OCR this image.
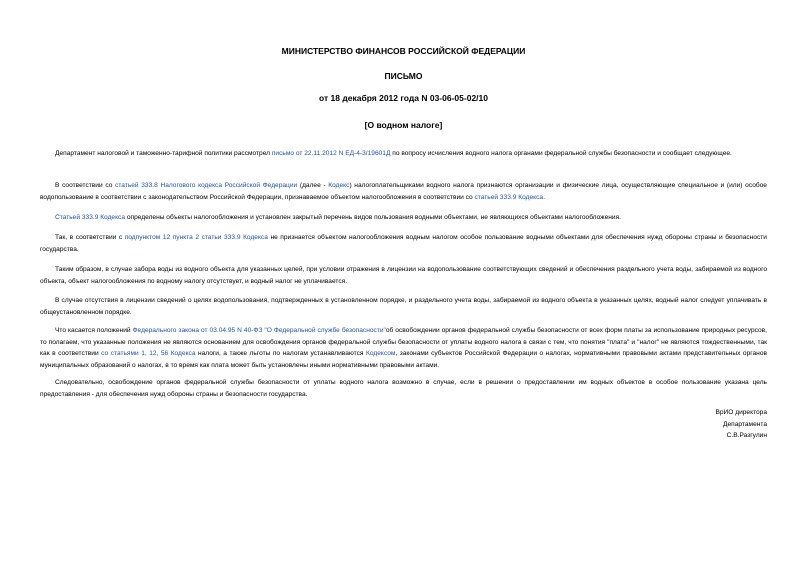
МИНИСТЕРСТВО ФИНАНСОВ РОССИЙСКОЙ ФЕДЕРАЦИИ
ПИСЬМО
от 18 декабря 2012 года N 03-06-05-02/10
[О водном налоге]
Департамент налоговой и таможенно-тарифной политики рассмотрел письмо от 22.11.2012 N ЕД-4-3/19601Д по вопросу исчисления водного налога органами федеральной службы безопасности и сообщает следующее.
В соответствии со статьей 333.8 Налогового кодекса Российской Федерации (далее - Кодекс) налогоплательщиками водного налога признаются организации и физические лица, осуществляющие специальное и (или) особое водопользование в соответствии с законодательством Российской Федерации, признаваемое объектом налогообложения в соответствии со статьей 333.9 Кодекса.
Статьей 333.9 Кодекса определены объекты налогообложения и установлен закрытый перечень видов пользования водными объектами, не являющихся объектами налогообложения.
Так, в соответствии с подпунктом 12 пункта 2 статьи 333.9 Кодекса не признается объектом налогообложения водным налогом особое пользование водными объектами для обеспечения нужд обороны страны и безопасности государства.
Таким образом, в случае забора воды из водного объекта для указанных целей, при условии отражения в лицензии на водопользование соответствующих сведений и обеспечения раздельного учета воды, забираемой из водного объекта, объект налогообложения по водному налогу отсутствует, и водный налог не уплачивается.
В случае отсутствия в лицензии сведений о целях водопользования, подтвержденных в установленном порядке, и раздельного учета воды, забираемой из водного объекта в указанных целях, водный налог следует уплачивать в общеустановленном порядке.
Что касается положений Федерального закона от 03.04.95 N 40-ФЗ "О Федеральной службе безопасности"об освобождении органов федеральной службы безопасности от всех форм платы за использование природных ресурсов, то полагаем, что указанные положения не являются основанием для освобождения органов федеральной службы безопасности от уплаты водного налога в связи с тем, что понятия "плата" и "налог" не являются тождественными, так как в соответствии со статьями 1, 12, 56 Кодекса налоги, а также льготы по налогам устанавливаются Кодексом, законами субъектов Российской Федерации о налогах, нормативными правовыми актами представительных органов муниципальных образований о налогах, в то время как плата может быть установлены иными нормативными правовыми актами.
Следовательно, освобождение органов федеральной службы безопасности от уплаты водного налога возможно в случае, если в решении о предоставлении им водных объектов в особое пользование указана цель предоставления - для обеспечения нужд обороны страны и безопасности государства.
ВрИО директора
Департамента
С.В.Разгулин
